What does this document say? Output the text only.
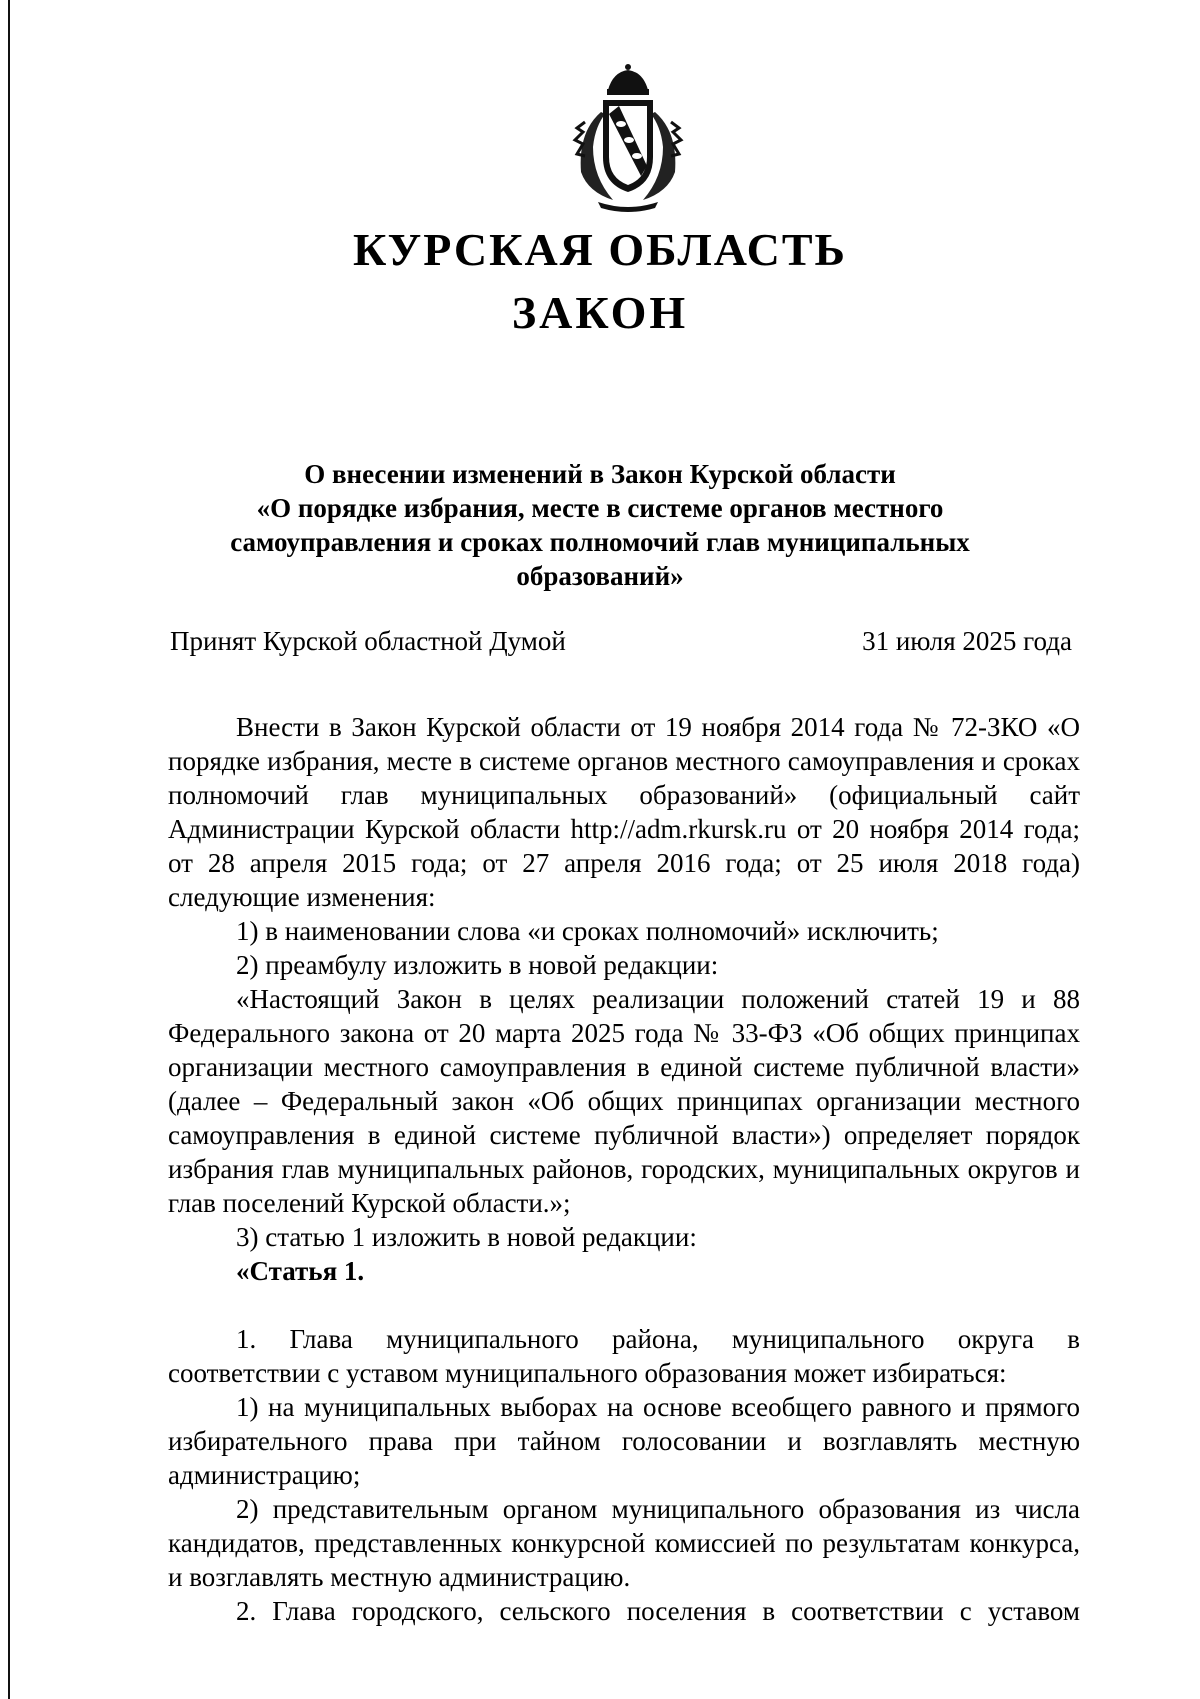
КУРСКАЯ ОБЛАСТЬ
ЗАКОН
О внесении изменений в Закон Курской области
«О порядке избрания, месте в системе органов местного
самоуправления и сроках полномочий глав муниципальных
образований»
Принят Курской областной Думой	31 июля 2025 года

Внести в Закон Курской области от 19 ноября 2014 года № 72-ЗКО «О порядке избрания, месте в системе органов местного самоуправления и сроках полномочий глав муниципальных образований» (официальный сайт Администрации Курской области http://adm.rkursk.ru от 20 ноября 2014 года; от 28 апреля 2015 года; от 27 апреля 2016 года; от 25 июля 2018 года) следующие изменения:

1) в наименовании слова «и сроках полномочий» исключить;

2) преамбулу изложить в новой редакции:

«Настоящий Закон в целях реализации положений статей 19 и 88 Федерального закона от 20 марта 2025 года № 33-ФЗ «Об общих принципах организации местного самоуправления в единой системе публичной власти» (далее – Федеральный закон «Об общих принципах организации местного самоуправления в единой системе публичной власти») определяет порядок избрания глав муниципальных районов, городских, муниципальных округов и глав поселений Курской области.»;

3) статью 1 изложить в новой редакции:

«Статья 1.

1. Глава муниципального района, муниципального округа в соответствии с уставом муниципального образования может избираться:

1) на муниципальных выборах на основе всеобщего равного и прямого избирательного права при тайном голосовании и возглавлять местную администрацию;

2) представительным органом муниципального образования из числа кандидатов, представленных конкурсной комиссией по результатам конкурса, и возглавлять местную администрацию.

2. Глава городского, сельского поселения в соответствии с уставом
